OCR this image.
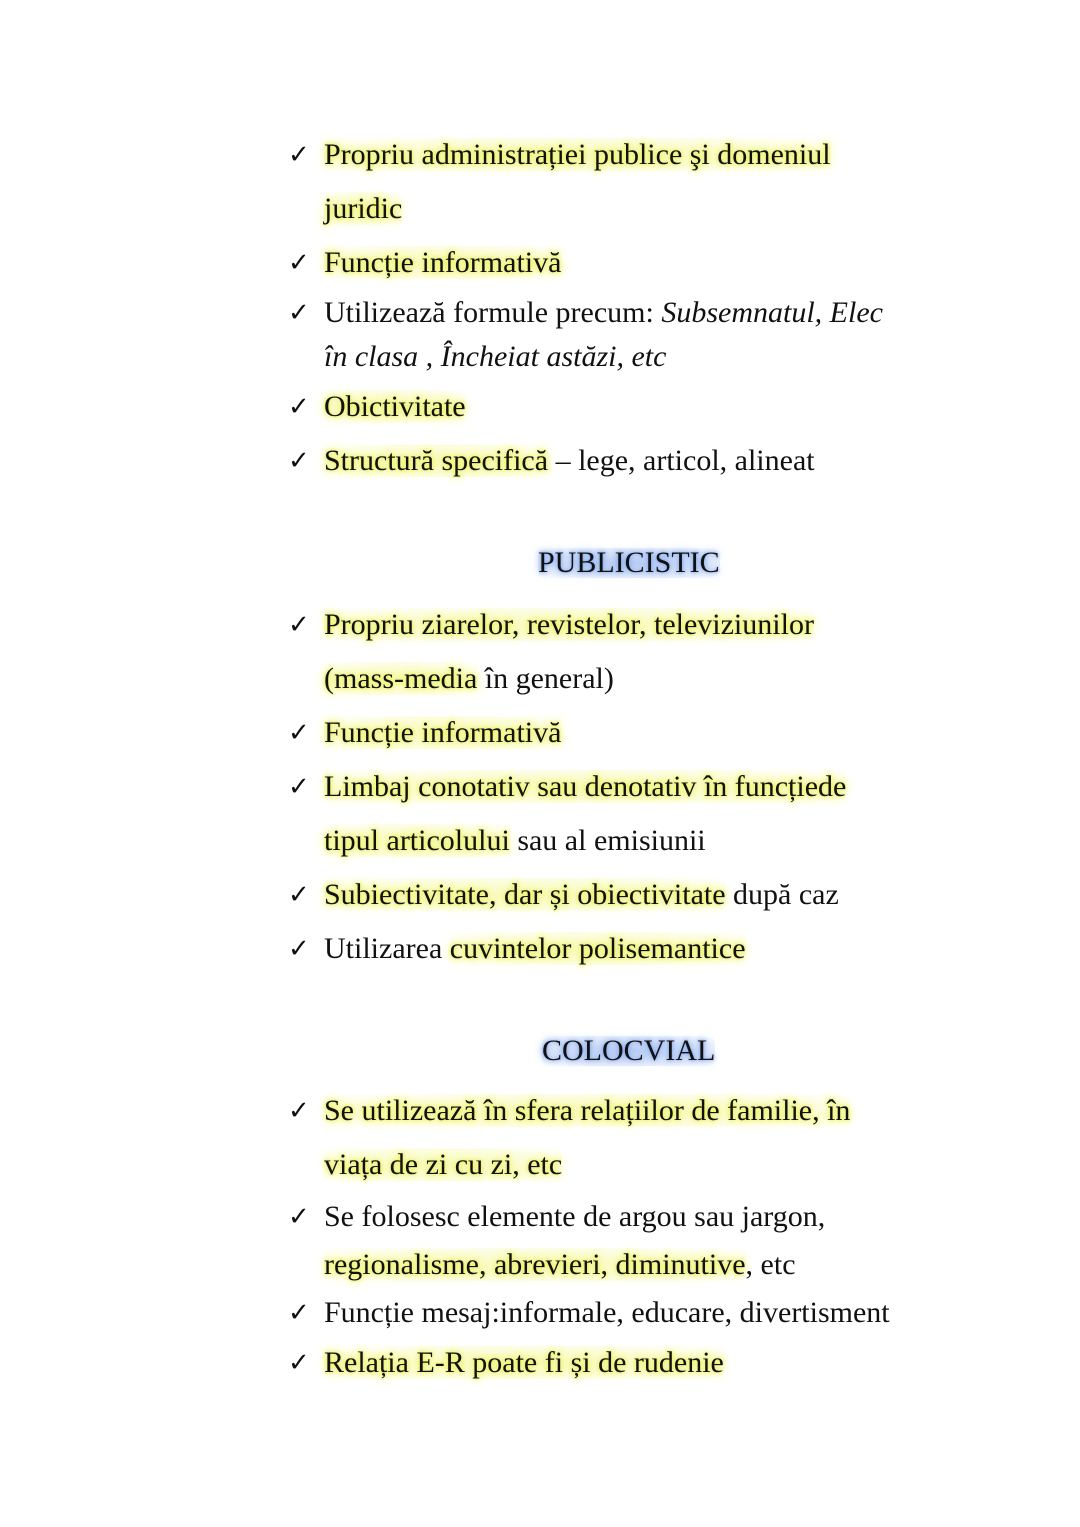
✓ Propriu administrației publice şi domeniul
juridic
✓ Funcție informativă
✓ Utilizează formule precum: Subsemnatul, Elec
în clasa , Încheiat astăzi, etc
✓ Obictivitate
✓ Structură specifică – lege, articol, alineat
PUBLICISTIC
✓ Propriu ziarelor, revistelor, televiziunilor
(mass-media în general)
✓ Funcție informativă
✓ Limbaj conotativ sau denotativ în funcțiede
tipul articolului sau al emisiunii
✓ Subiectivitate, dar și obiectivitate după caz
✓ Utilizarea cuvintelor polisemantice
COLOCVIAL
✓ Se utilizează în sfera relațiilor de familie, în
viața de zi cu zi, etc
✓ Se folosesc elemente de argou sau jargon,
regionalisme, abrevieri, diminutive, etc
✓ Funcție mesaj:informale, educare, divertisment
✓ Relația E-R poate fi și de rudenie
